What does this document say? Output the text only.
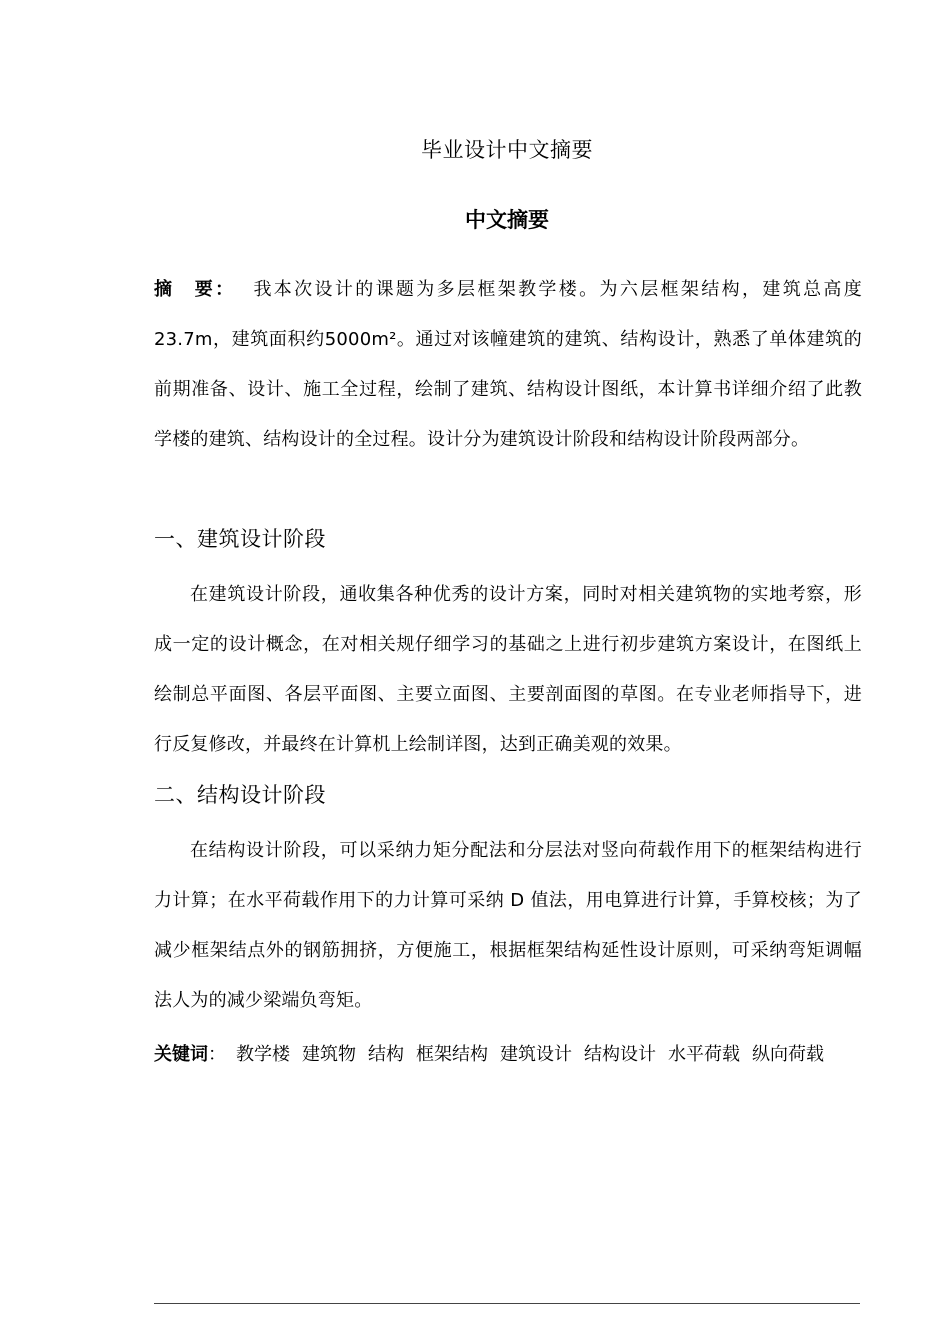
毕业设计中文摘要
中文摘要
摘　要： 我本次设计的课题为多层框架教学楼。为六层框架结构，建筑总高度23.7m，建筑面积约5000m²。通过对该幢建筑的建筑、结构设计，熟悉了单体建筑的前期准备、设计、施工全过程，绘制了建筑、结构设计图纸，本计算书详细介绍了此教学楼的建筑、结构设计的全过程。设计分为建筑设计阶段和结构设计阶段两部分。
一、建筑设计阶段
在建筑设计阶段，通收集各种优秀的设计方案，同时对相关建筑物的实地考察，形成一定的设计概念，在对相关规仔细学习的基础之上进行初步建筑方案设计，在图纸上绘制总平面图、各层平面图、主要立面图、主要剖面图的草图。在专业老师指导下，进行反复修改，并最终在计算机上绘制详图，达到正确美观的效果。
二、结构设计阶段
在结构设计阶段，可以采纳力矩分配法和分层法对竖向荷载作用下的框架结构进行力计算；在水平荷载作用下的力计算可采纳 D 值法，用电算进行计算，手算校核；为了减少框架结点外的钢筋拥挤，方便施工，根据框架结构延性设计原则，可采纳弯矩调幅法人为的减少梁端负弯矩。
关键词： 教学楼 建筑物 结构 框架结构 建筑设计 结构设计 水平荷载 纵向荷载
